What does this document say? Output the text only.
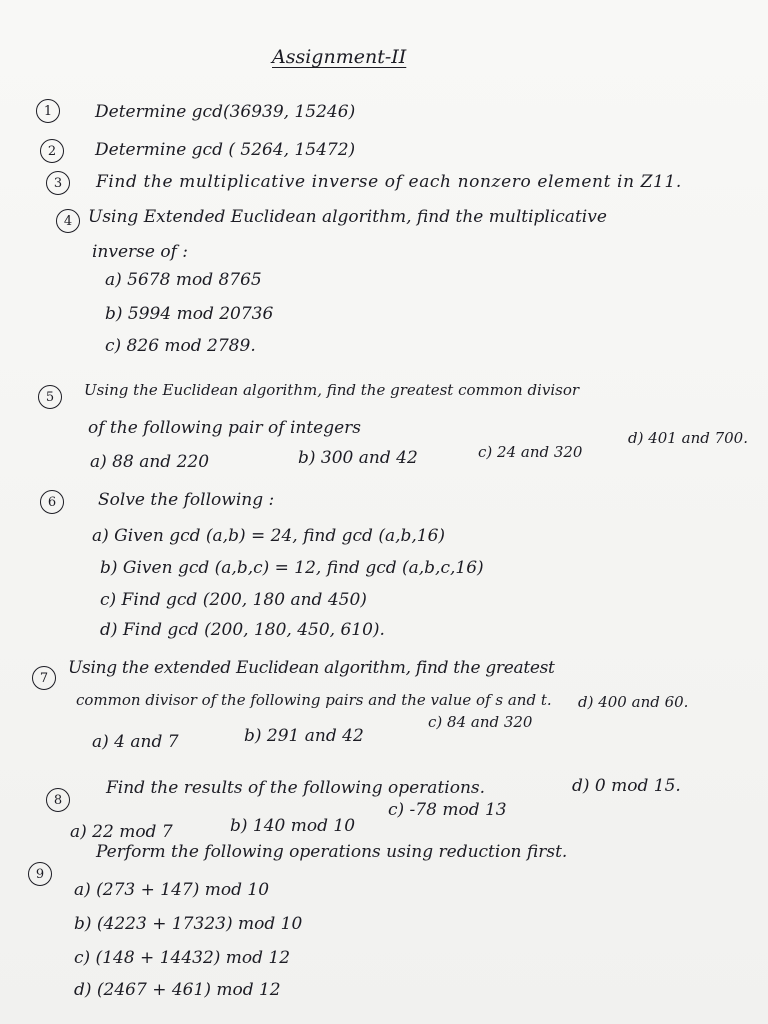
Assignment-II
1	Determine gcd(36939, 15246)
2	Determine gcd ( 5264, 15472)
3	Find the multiplicative inverse of each nonzero element in Z11.
4 Using Extended Euclidean algorithm, find the multiplicative
inverse of :
a) 5678 mod 8765
b) 5994 mod 20736
c) 826 mod 2789.
5	Using the Euclidean algorithm, find the greatest common divisor
of the following pair of integers
a) 88 and 220	b) 300 and 42	c) 24 and 320
d) 401 and 700.
6	Solve the following :
a) Given gcd (a,b) = 24, find gcd (a,b,16)
b) Given gcd (a,b,c) = 12, find gcd (a,b,c,16)
c) Find gcd (200, 180 and 450)
d) Find gcd (200, 180, 450, 610).
7
Using the extended Euclidean algorithm, find the greatest
common divisor of the following pairs and the value of s and t.
a) 4 and 7	b) 291 and 42
c) 84 and 320
d) 400 and 60.
8
Find the results of the following operations.
a) 22 mod 7	b) 140 mod 10
c) -78 mod 13
d) 0 mod 15.
9
Perform the following operations using reduction first.
a) (273 + 147) mod 10
b) (4223 + 17323) mod 10
c) (148 + 14432) mod 12
d) (2467 + 461) mod 12
